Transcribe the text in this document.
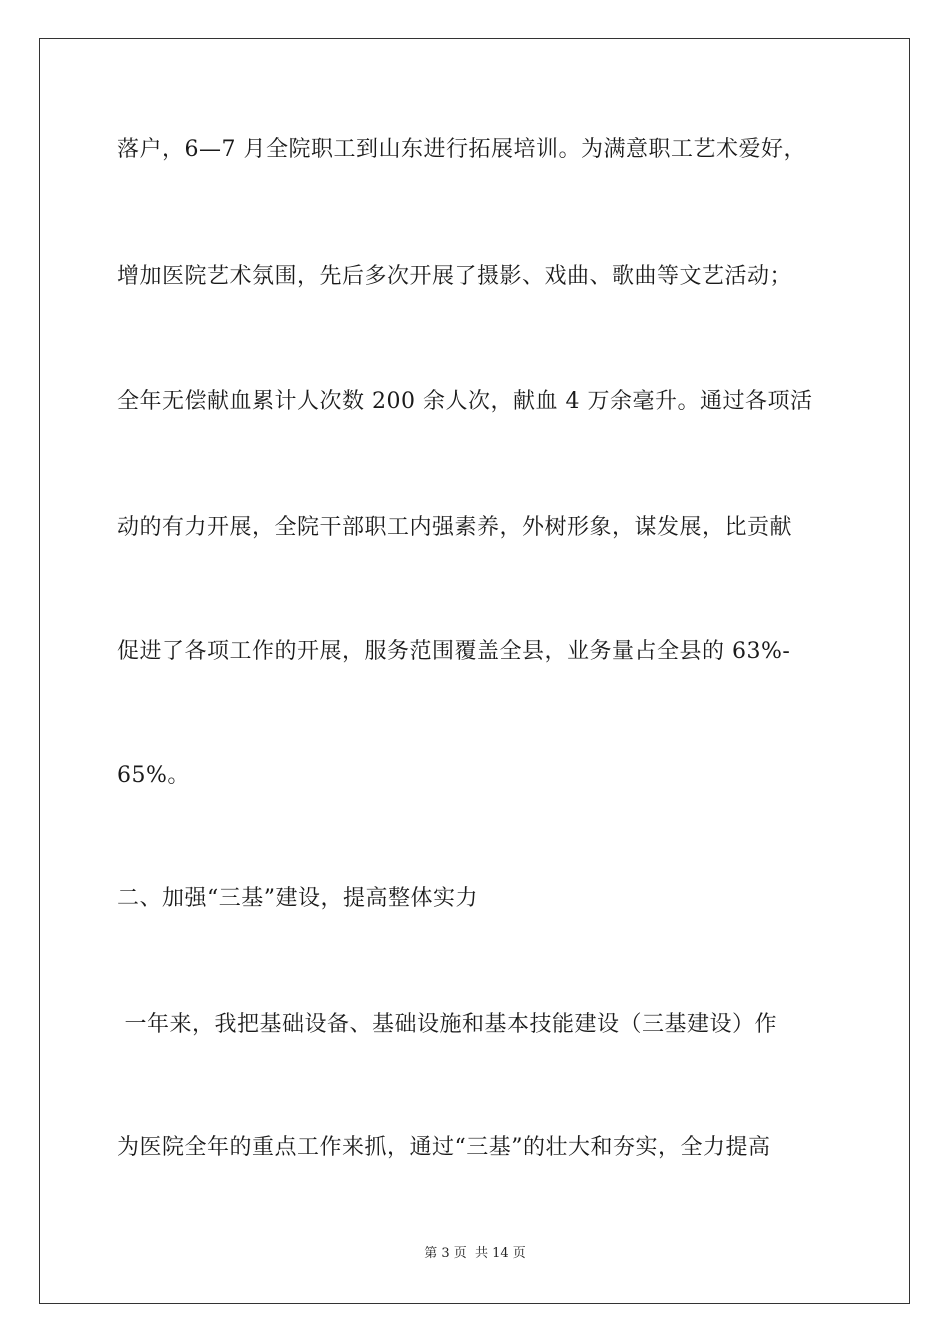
落户，6—7 月全院职工到山东进行拓展培训。为满意职工艺术爱好，
增加医院艺术氛围，先后多次开展了摄影、戏曲、歌曲等文艺活动；
全年无偿献血累计人次数 200 余人次，献血 4 万余毫升。通过各项活
动的有力开展，全院干部职工内强素养，外树形象，谋发展，比贡献
促进了各项工作的开展，服务范围覆盖全县，业务量占全县的 63%-
65%。
二、加强“三基”建设，提高整体实力
一年来，我把基础设备、基础设施和基本技能建设（三基建设）作
为医院全年的重点工作来抓，通过“三基”的壮大和夯实，全力提高
第 3 页 共 14 页
